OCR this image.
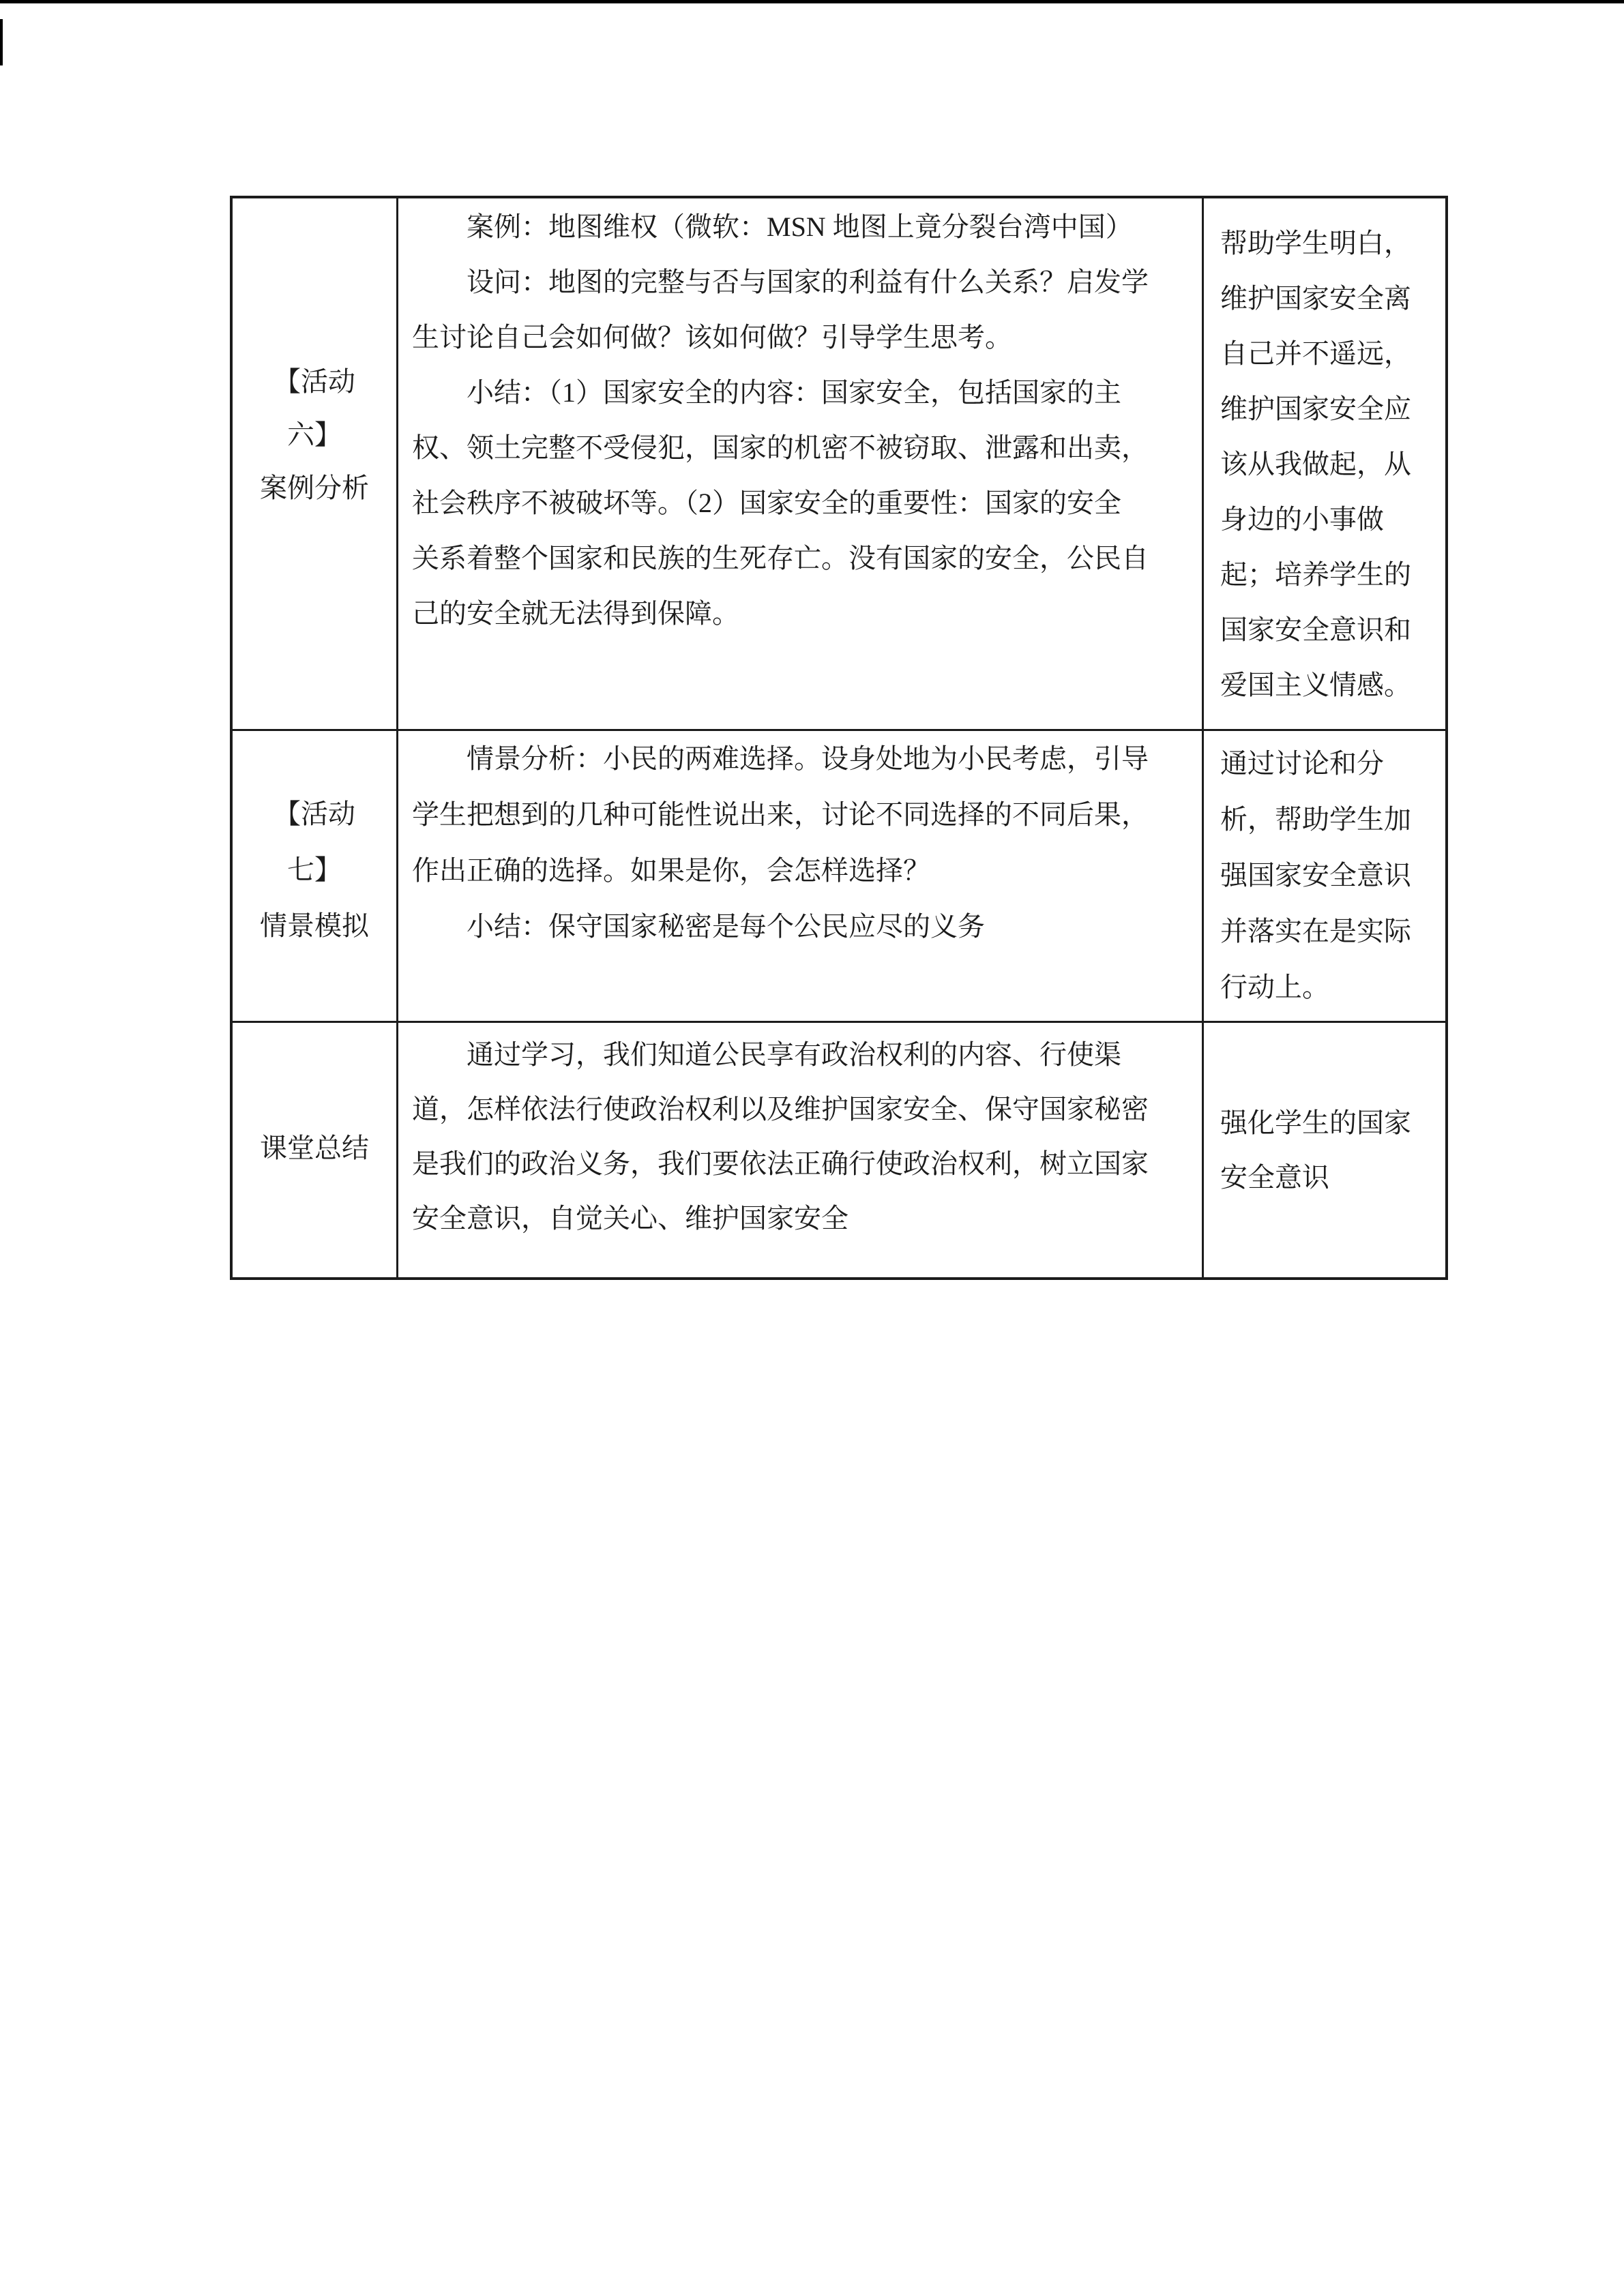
【活动
六】
案例分析
案例：地图维权（微软：MSN 地图上竟分裂台湾中国）
设问：地图的完整与否与国家的利益有什么关系？启发学
生讨论自己会如何做？该如何做？引导学生思考。
小结：（1）国家安全的内容：国家安全，包括国家的主
权、领土完整不受侵犯，国家的机密不被窃取、泄露和出卖，
社会秩序不被破坏等。（2）国家安全的重要性：国家的安全
关系着整个国家和民族的生死存亡。没有国家的安全，公民自
己的安全就无法得到保障。
帮助学生明白，
维护国家安全离
自己并不遥远，
维护国家安全应
该从我做起，从
身边的小事做
起；培养学生的
国家安全意识和
爱国主义情感。
【活动
七】
情景模拟
情景分析：小民的两难选择。设身处地为小民考虑，引导
学生把想到的几种可能性说出来，讨论不同选择的不同后果，
作出正确的选择。如果是你，会怎样选择？
小结：保守国家秘密是每个公民应尽的义务
通过讨论和分
析，帮助学生加
强国家安全意识
并落实在是实际
行动上。
课堂总结
通过学习，我们知道公民享有政治权利的内容、行使渠
道，怎样依法行使政治权利以及维护国家安全、保守国家秘密
是我们的政治义务，我们要依法正确行使政治权利，树立国家
安全意识，自觉关心、维护国家安全
强化学生的国家
安全意识
